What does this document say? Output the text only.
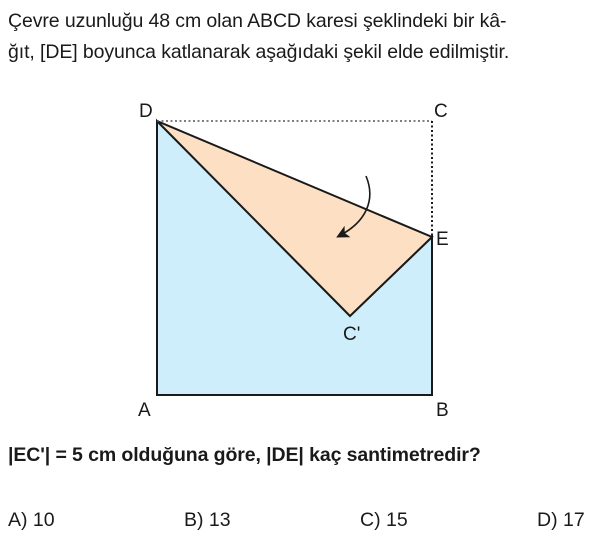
Çevre uzunluğu 48 cm olan ABCD karesi şeklindeki bir kâ-
ğıt, [DE] boyunca katlanarak aşağıdaki şekil elde edilmiştir.
D	C
E
C'
A	B
|EC'| = 5 cm olduğuna göre, |DE| kaç santimetredir?
A) 10	B) 13	C) 15	D) 17
